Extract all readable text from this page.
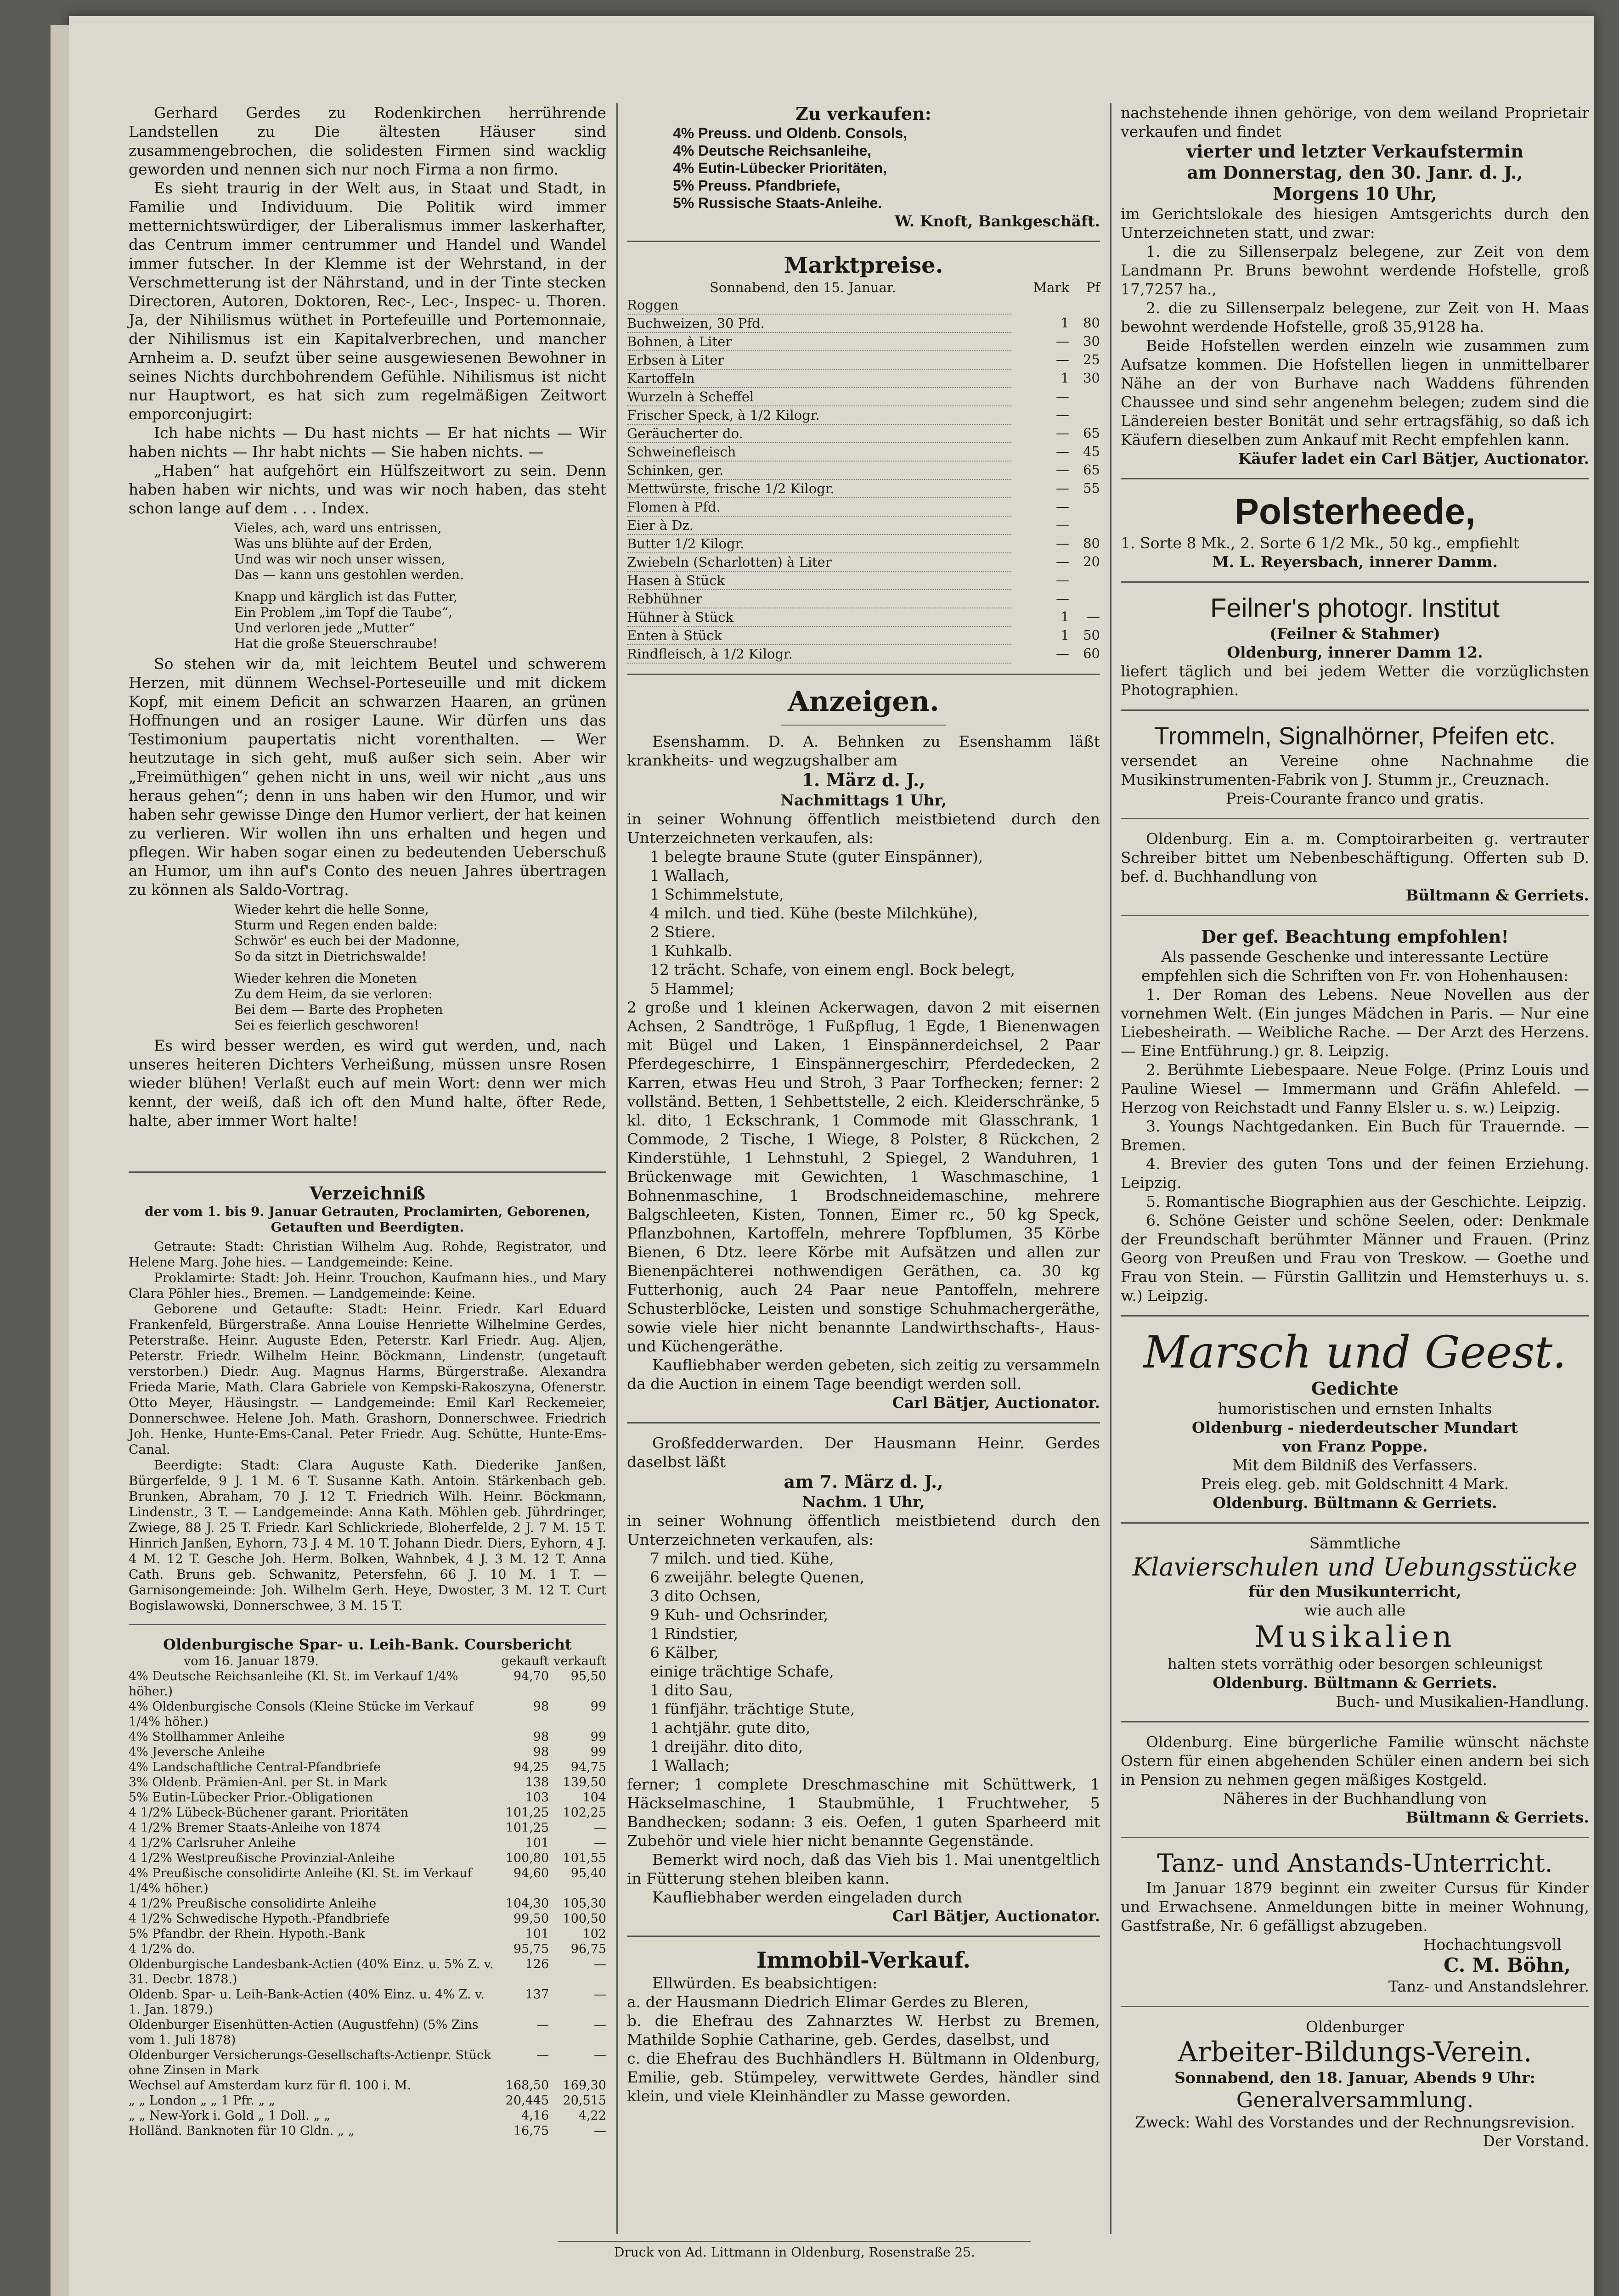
Gerhard Gerdes zu Rodenkirchen herrührende Landstellen zu Die ältesten Häuser sind zusammengebrochen, die solidesten Firmen sind wacklig geworden und nennen sich nur noch Firma a non firmo.

Es sieht traurig in der Welt aus, in Staat und Stadt, in Familie und Individuum. Die Politik wird immer metternichtswürdiger, der Liberalismus immer laskerhafter, das Centrum immer centrummer und Handel und Wandel immer futscher. In der Klemme ist der Wehrstand, in der Verschmetterung ist der Nährstand, und in der Tinte stecken Directoren, Autoren, Doktoren, Rec-, Lec-, Inspec- u. Thoren. Ja, der Nihilismus wüthet in Portefeuille und Portemonnaie, der Nihilismus ist ein Kapitalverbrechen, und mancher Arnheim a. D. seufzt über seine ausgewiesenen Bewohner in seines Nichts durchbohrendem Gefühle. Nihilismus ist nicht nur Hauptwort, es hat sich zum regelmäßigen Zeitwort emporconjugirt:

Ich habe nichts — Du hast nichts — Er hat nichts — Wir haben nichts — Ihr habt nichts — Sie haben nichts. —

„Haben“ hat aufgehört ein Hülfszeitwort zu sein. Denn haben haben wir nichts, und was wir noch haben, das steht schon lange auf dem . . . Index.

Vieles, ach, ward uns entrissen,
Was uns blühte auf der Erden,
Und was wir noch unser wissen,
Das — kann uns gestohlen werden.
Knapp und kärglich ist das Futter,
Ein Problem „im Topf die Taube“,
Und verloren jede „Mutter“
Hat die große Steuerschraube!

So stehen wir da, mit leichtem Beutel und schwerem Herzen, mit dünnem Wechsel-Porteseuille und mit dickem Kopf, mit einem Deficit an schwarzen Haaren, an grünen Hoffnungen und an rosiger Laune. Wir dürfen uns das Testimonium paupertatis nicht vorenthalten. — Wer heutzutage in sich geht, muß außer sich sein. Aber wir „Freimüthigen“ gehen nicht in uns, weil wir nicht „aus uns heraus gehen“; denn in uns haben wir den Humor, und wir haben sehr gewisse Dinge den Humor verliert, der hat keinen zu verlieren. Wir wollen ihn uns erhalten und hegen und pflegen. Wir haben sogar einen zu bedeutenden Ueberschuß an Humor, um ihn auf's Conto des neuen Jahres übertragen zu können als Saldo-Vortrag.

Wieder kehrt die helle Sonne,
Sturm und Regen enden balde:
Schwör' es euch bei der Madonne,
So da sitzt in Dietrichswalde!
Wieder kehren die Moneten
Zu dem Heim, da sie verloren:
Bei dem — Barte des Propheten
Sei es feierlich geschworen!

Es wird besser werden, es wird gut werden, und, nach unseres heiteren Dichters Verheißung, müssen unsre Rosen wieder blühen! Verlaßt euch auf mein Wort: denn wer mich kennt, der weiß, daß ich oft den Mund halte, öfter Rede, halte, aber immer Wort halte!

Verzeichniß

der vom 1. bis 9. Januar Getrauten, Proclamirten, Geborenen, Getauften und Beerdigten.

Getraute: Stadt: Christian Wilhelm Aug. Rohde, Registrator, und Helene Marg. Johe hies. — Landgemeinde: Keine.

Proklamirte: Stadt: Joh. Heinr. Trouchon, Kaufmann hies., und Mary Clara Pöhler hies., Bremen. — Landgemeinde: Keine.

Geborene und Getaufte: Stadt: Heinr. Friedr. Karl Eduard Frankenfeld, Bürgerstraße. Anna Louise Henriette Wilhelmine Gerdes, Peterstraße. Heinr. Auguste Eden, Peterstr. Karl Friedr. Aug. Aljen, Peterstr. Friedr. Wilhelm Heinr. Böckmann, Lindenstr. (ungetauft verstorben.) Diedr. Aug. Magnus Harms, Bürgerstraße. Alexandra Frieda Marie, Math. Clara Gabriele von Kempski-Rakoszyna, Ofenerstr. Otto Meyer, Häusingstr. — Landgemeinde: Emil Karl Reckemeier, Donnerschwee. Helene Joh. Math. Grashorn, Donnerschwee. Friedrich Joh. Henke, Hunte-Ems-Canal. Peter Friedr. Aug. Schütte, Hunte-Ems-Canal.

Beerdigte: Stadt: Clara Auguste Kath. Diederike Janßen, Bürgerfelde, 9 J. 1 M. 6 T. Susanne Kath. Antoin. Stärkenbach geb. Brunken, Abraham, 70 J. 12 T. Friedrich Wilh. Heinr. Böckmann, Lindenstr., 3 T. — Landgemeinde: Anna Kath. Möhlen geb. Jührdringer, Zwiege, 88 J. 25 T. Friedr. Karl Schlickriede, Bloherfelde, 2 J. 7 M. 15 T. Hinrich Janßen, Eyhorn, 73 J. 4 M. 10 T. Johann Diedr. Diers, Eyhorn, 4 J. 4 M. 12 T. Gesche Joh. Herm. Bolken, Wahnbek, 4 J. 3 M. 12 T. Anna Cath. Bruns geb. Schwanitz, Petersfehn, 66 J. 10 M. 1 T. — Garnisongemeinde: Joh. Wilhelm Gerh. Heye, Dwoster, 3 M. 12 T. Curt Bogislawowski, Donnerschwee, 3 M. 15 T.

Oldenburgische Spar- u. Leih-Bank. Coursbericht
vom 16. Januar 1879.	gekauft	verkauft
4% Deutsche Reichsanleihe (Kl. St. im Verkauf 1/4% höher.)	94,70	95,50
4% Oldenburgische Consols (Kleine Stücke im Verkauf 1/4% höher.)	98	99
4% Stollhammer Anleihe	98	99
4% Jeversche Anleihe	98	99
4% Landschaftliche Central-Pfandbriefe	94,25	94,75
3% Oldenb. Prämien-Anl. per St. in Mark	138	139,50
5% Eutin-Lübecker Prior.-Obligationen	103	104
4 1/2% Lübeck-Büchener garant. Prioritäten	101,25	102,25
4 1/2% Bremer Staats-Anleihe von 1874	101,25	—
4 1/2% Carlsruher Anleihe	101	—
4 1/2% Westpreußische Provinzial-Anleihe	100,80	101,55
4% Preußische consolidirte Anleihe (Kl. St. im Verkauf 1/4% höher.)	94,60	95,40
4 1/2% Preußische consolidirte Anleihe	104,30	105,30
4 1/2% Schwedische Hypoth.-Pfandbriefe	99,50	100,50
5% Pfandbr. der Rhein. Hypoth.-Bank	101	102
4 1/2% do.	95,75	96,75
Oldenburgische Landesbank-Actien (40% Einz. u. 5% Z. v. 31. Decbr. 1878.)	126	—
Oldenb. Spar- u. Leih-Bank-Actien (40% Einz. u. 4% Z. v. 1. Jan. 1879.)	137	—
Oldenburger Eisenhütten-Actien (Augustfehn) (5% Zins vom 1. Juli 1878)	—	—
Oldenburger Versicherungs-Gesellschafts-Actienpr. Stück ohne Zinsen in Mark	—	—
Wechsel auf Amsterdam kurz für fl. 100 i. M.	168,50	169,30
„ „ London „ „ 1 Pfr. „ „	20,445	20,515
„ „ New-York i. Gold „ 1 Doll. „ „	4,16	4,22
Holländ. Banknoten für 10 Gldn. „ „	16,75	—
Zu verkaufen:
4% Preuss. und Oldenb. Consols,
4% Deutsche Reichsanleihe,
4% Eutin-Lübecker Prioritäten,
5% Preuss. Pfandbriefe,
5% Russische Staats-Anleihe.

W. Knoft, Bankgeschäft.

Marktpreise.
Sonnabend, den 15. Januar.	Mark	Pf
Roggen		
Buchweizen, 30 Pfd.	1	80
Bohnen, à Liter	—	30
Erbsen à Liter	—	25
Kartoffeln	1	30
Wurzeln à Scheffel	—	
Frischer Speck, à 1/2 Kilogr.	—	
Geräucherter do.	—	65
Schweinefleisch	—	45
Schinken, ger.	—	65
Mettwürste, frische 1/2 Kilogr.	—	55
Flomen à Pfd.	—	
Eier à Dz.	—	
Butter 1/2 Kilogr.	—	80
Zwiebeln (Scharlotten) à Liter	—	20
Hasen à Stück	—	
Rebhühner	—	
Hühner à Stück	1	—
Enten à Stück	1	50
Rindfleisch, à 1/2 Kilogr.	—	60
Anzeigen.

Esenshamm. D. A. Behnken zu Esenshamm läßt krankheits- und wegzugshalber am

1. März d. J.,
Nachmittags 1 Uhr,

in seiner Wohnung öffentlich meistbietend durch den Unterzeichneten verkaufen, als:

1 belegte braune Stute (guter Einspänner),
1 Wallach,
1 Schimmelstute,
4 milch. und tied. Kühe (beste Milchkühe),
2 Stiere.
1 Kuhkalb.
12 trächt. Schafe, von einem engl. Bock belegt,
5 Hammel;

2 große und 1 kleinen Ackerwagen, davon 2 mit eisernen Achsen, 2 Sandtröge, 1 Fußpflug, 1 Egde, 1 Bienenwagen mit Bügel und Laken, 1 Einspännerdeichsel, 2 Paar Pferdegeschirre, 1 Einspännergeschirr, Pferdedecken, 2 Karren, etwas Heu und Stroh, 3 Paar Torfhecken; ferner: 2 vollständ. Betten, 1 Sehbettstelle, 2 eich. Kleiderschränke, 5 kl. dito, 1 Eckschrank, 1 Commode mit Glasschrank, 1 Commode, 2 Tische, 1 Wiege, 8 Polster, 8 Rückchen, 2 Kinderstühle, 1 Lehnstuhl, 2 Spiegel, 2 Wanduhren, 1 Brückenwage mit Gewichten, 1 Waschmaschine, 1 Bohnenmaschine, 1 Brodschneidemaschine, mehrere Balgschleeten, Kisten, Tonnen, Eimer rc., 50 kg Speck, Pflanzbohnen, Kartoffeln, mehrere Topfblumen, 35 Körbe Bienen, 6 Dtz. leere Körbe mit Aufsätzen und allen zur Bienenpächterei nothwendigen Geräthen, ca. 30 kg Futterhonig, auch 24 Paar neue Pantoffeln, mehrere Schusterblöcke, Leisten und sonstige Schuhmachergeräthe, sowie viele hier nicht benannte Landwirthschafts-, Haus- und Küchengeräthe.

Kaufliebhaber werden gebeten, sich zeitig zu versammeln da die Auction in einem Tage beendigt werden soll.

Carl Bätjer, Auctionator.

Großfedderwarden. Der Hausmann Heinr. Gerdes daselbst läßt

am 7. März d. J.,
Nachm. 1 Uhr,

in seiner Wohnung öffentlich meistbietend durch den Unterzeichneten verkaufen, als:

7 milch. und tied. Kühe,
6 zweijähr. belegte Quenen,
3 dito Ochsen,
9 Kuh- und Ochsrinder,
1 Rindstier,
6 Kälber,
einige trächtige Schafe,
1 dito Sau,
1 fünfjähr. trächtige Stute,
1 achtjähr. gute dito,
1 dreijähr. dito dito,
1 Wallach;

ferner; 1 complete Dreschmaschine mit Schüttwerk, 1 Häckselmaschine, 1 Staubmühle, 1 Fruchtweher, 5 Bandhecken; sodann: 3 eis. Oefen, 1 guten Sparheerd mit Zubehör und viele hier nicht benannte Gegenstände.

Bemerkt wird noch, daß das Vieh bis 1. Mai unentgeltlich in Fütterung stehen bleiben kann.

Kaufliebhaber werden eingeladen durch

Carl Bätjer, Auctionator.

Immobil-Verkauf.

Ellwürden. Es beabsichtigen:

a. der Hausmann Diedrich Elimar Gerdes zu Bleren,

b. die Ehefrau des Zahnarztes W. Herbst zu Bremen, Mathilde Sophie Catharine, geb. Gerdes, daselbst, und

c. die Ehefrau des Buchhändlers H. Bültmann in Oldenburg, Emilie, geb. Stümpeley, verwittwete Gerdes, händler sind klein, und viele Kleinhändler zu Masse geworden.

nachstehende ihnen gehörige, von dem weiland Proprietair verkaufen und findet

vierter und letzter Verkaufstermin
am Donnerstag, den 30. Janr. d. J.,
Morgens 10 Uhr,

im Gerichtslokale des hiesigen Amtsgerichts durch den Unterzeichneten statt, und zwar:

1. die zu Sillenserpalz belegene, zur Zeit von dem Landmann Pr. Bruns bewohnt werdende Hofstelle, groß 17,7257 ha.,

2. die zu Sillenserpalz belegene, zur Zeit von H. Maas bewohnt werdende Hofstelle, groß 35,9128 ha.

Beide Hofstellen werden einzeln wie zusammen zum Aufsatze kommen. Die Hofstellen liegen in unmittelbarer Nähe an der von Burhave nach Waddens führenden Chaussee und sind sehr angenehm belegen; zudem sind die Ländereien bester Bonität und sehr ertragsfähig, so daß ich Käufern dieselben zum Ankauf mit Recht empfehlen kann.

Käufer ladet ein Carl Bätjer, Auctionator.

Polsterheede,

1. Sorte 8 Mk., 2. Sorte 6 1/2 Mk., 50 kg., empfiehlt

M. L. Reyersbach, innerer Damm.

Feilner's photogr. Institut
(Feilner & Stahmer)
Oldenburg, innerer Damm 12.

liefert täglich und bei jedem Wetter die vorzüglichsten Photographien.

Trommeln, Signalhörner, Pfeifen etc.

versendet an Vereine ohne Nachnahme die Musikinstrumenten-Fabrik von J. Stumm jr., Creuznach.

Preis-Courante franco und gratis.

Oldenburg. Ein a. m. Comptoirarbeiten g. vertrauter Schreiber bittet um Nebenbeschäftigung. Offerten sub D. bef. d. Buchhandlung von

Bültmann & Gerriets.

Der gef. Beachtung empfohlen!

Als passende Geschenke und interessante Lectüre empfehlen sich die Schriften von Fr. von Hohenhausen:

1. Der Roman des Lebens. Neue Novellen aus der vornehmen Welt. (Ein junges Mädchen in Paris. — Nur eine Liebesheirath. — Weibliche Rache. — Der Arzt des Herzens. — Eine Entführung.) gr. 8. Leipzig.

2. Berühmte Liebespaare. Neue Folge. (Prinz Louis und Pauline Wiesel — Immermann und Gräfin Ahlefeld. — Herzog von Reichstadt und Fanny Elsler u. s. w.) Leipzig.

3. Youngs Nachtgedanken. Ein Buch für Trauernde. — Bremen.

4. Brevier des guten Tons und der feinen Erziehung. Leipzig.

5. Romantische Biographien aus der Geschichte. Leipzig.

6. Schöne Geister und schöne Seelen, oder: Denkmale der Freundschaft berühmter Männer und Frauen. (Prinz Georg von Preußen und Frau von Treskow. — Goethe und Frau von Stein. — Fürstin Gallitzin und Hemsterhuys u. s. w.) Leipzig.

Marsch und Geest.
Gedichte
humoristischen und ernsten Inhalts
Oldenburg - niederdeutscher Mundart
von Franz Poppe.
Mit dem Bildniß des Verfassers.
Preis eleg. geb. mit Goldschnitt 4 Mark.
Oldenburg. Bültmann & Gerriets.
Sämmtliche
Klavierschulen und Uebungsstücke
für den Musikunterricht,
wie auch alle
Musikalien
halten stets vorräthig oder besorgen schleunigst
Oldenburg. Bültmann & Gerriets.
Buch- und Musikalien-Handlung.

Oldenburg. Eine bürgerliche Familie wünscht nächste Ostern für einen abgehenden Schüler einen andern bei sich in Pension zu nehmen gegen mäßiges Kostgeld.

Näheres in der Buchhandlung von

Bültmann & Gerriets.

Tanz- und Anstands-Unterricht.

Im Januar 1879 beginnt ein zweiter Cursus für Kinder und Erwachsene. Anmeldungen bitte in meiner Wohnung, Gastfstraße, Nr. 6 gefälligst abzugeben.

Hochachtungsvoll
C. M. Böhn,
Tanz- und Anstandslehrer.
Oldenburger
Arbeiter-Bildungs-Verein.
Sonnabend, den 18. Januar, Abends 9 Uhr:
Generalversammlung.
Zweck: Wahl des Vorstandes und der Rechnungsrevision.
Der Vorstand.
Druck von Ad. Littmann in Oldenburg, Rosenstraße 25.
